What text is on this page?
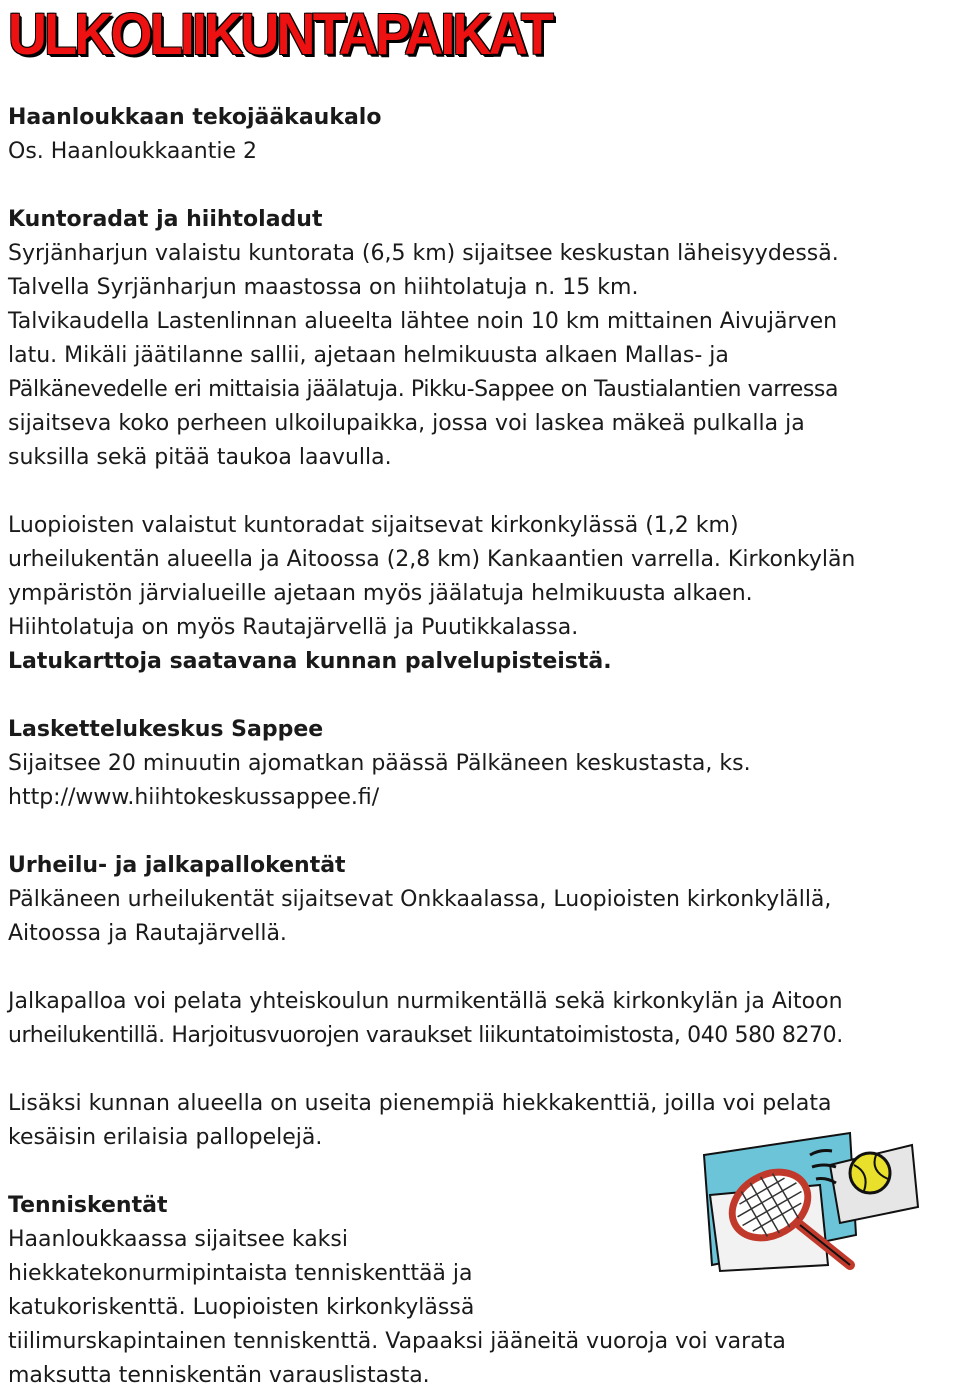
ULKOLIIKUNTAPAIKAT
Haanloukkaan tekojääkaukalo
Os. Haanloukkaantie 2
Kuntoradat ja hiihtoladut
Syrjänharjun valaistu kuntorata (6,5 km) sijaitsee keskustan läheisyydessä.
Talvella Syrjänharjun maastossa on hiihtolatuja n. 15 km.
Talvikaudella Lastenlinnan alueelta lähtee noin 10 km mittainen Aivujärven
latu. Mikäli jäätilanne sallii, ajetaan helmikuusta alkaen Mallas- ja
Pälkänevedelle eri mittaisia jäälatuja. Pikku-Sappee on Taustialantien varressa
sijaitseva koko perheen ulkoilupaikka, jossa voi laskea mäkeä pulkalla ja
suksilla sekä pitää taukoa laavulla.
Luopioisten valaistut kuntoradat sijaitsevat kirkonkylässä (1,2 km)
urheilukentän alueella ja Aitoossa (2,8 km) Kankaantien varrella. Kirkonkylän
ympäristön järvialueille ajetaan myös jäälatuja helmikuusta alkaen.
Hiihtolatuja on myös Rautajärvellä ja Puutikkalassa.
Latukarttoja saatavana kunnan palvelupisteistä.
Laskettelukeskus Sappee
Sijaitsee 20 minuutin ajomatkan päässä Pälkäneen keskustasta, ks.
http://www.hiihtokeskussappee.fi/
Urheilu- ja jalkapallokentät
Pälkäneen urheilukentät sijaitsevat Onkkaalassa, Luopioisten kirkonkylällä,
Aitoossa ja Rautajärvellä.
Jalkapalloa voi pelata yhteiskoulun nurmikentällä sekä kirkonkylän ja Aitoon
urheilukentillä. Harjoitusvuorojen varaukset liikuntatoimistosta, 040 580 8270.
Lisäksi kunnan alueella on useita pienempiä hiekkakenttiä, joilla voi pelata
kesäisin erilaisia pallopelejä.
Tenniskentät
Haanloukkaassa sijaitsee kaksi
hiekkatekonurmipintaista tenniskenttää ja
katukoriskenttä. Luopioisten kirkonkylässä
tiilimurskapintainen tenniskenttä. Vapaaksi jääneitä vuoroja voi varata
maksutta tenniskentän varauslistasta.
